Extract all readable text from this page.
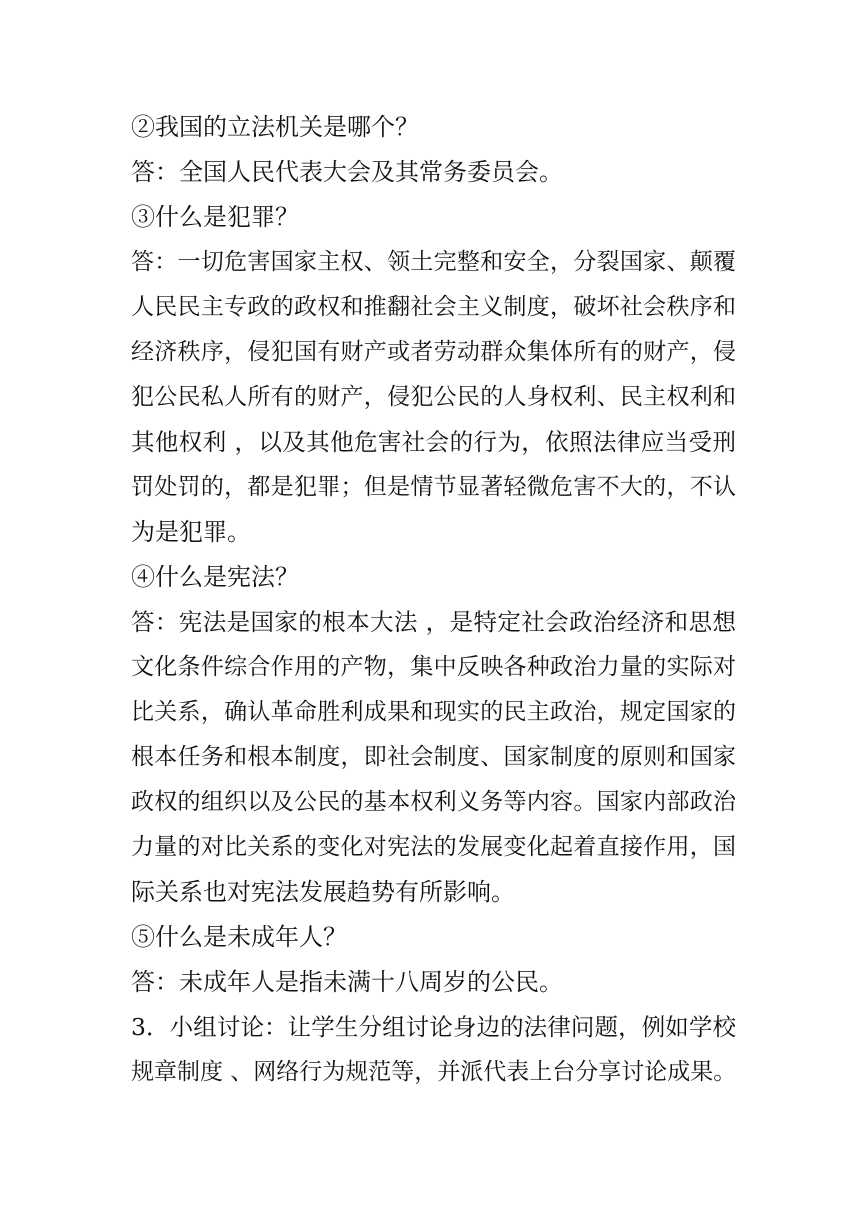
②我国的立法机关是哪个？
答：全国人民代表大会及其常务委员会。
③什么是犯罪？
答：一切危害国家主权、领土完整和安全，分裂国家、颠覆
人民民主专政的政权和推翻社会主义制度，破坏社会秩序和
经济秩序，侵犯国有财产或者劳动群众集体所有的财产，侵
犯公民私人所有的财产，侵犯公民的人身权利、民主权利和
其他权利 ，以及其他危害社会的行为，依照法律应当受刑
罚处罚的，都是犯罪；但是情节显著轻微危害不大的，不认
为是犯罪。
④什么是宪法？
答：宪法是国家的根本大法 ，是特定社会政治经济和思想
文化条件综合作用的产物，集中反映各种政治力量的实际对
比关系，确认革命胜利成果和现实的民主政治，规定国家的
根本任务和根本制度，即社会制度、国家制度的原则和国家
政权的组织以及公民的基本权利义务等内容。国家内部政治
力量的对比关系的变化对宪法的发展变化起着直接作用，国
际关系也对宪法发展趋势有所影响。
⑤什么是未成年人？
答：未成年人是指未满十八周岁的公民。
3．小组讨论：让学生分组讨论身边的法律问题，例如学校
规章制度 、网络行为规范等，并派代表上台分享讨论成果。
